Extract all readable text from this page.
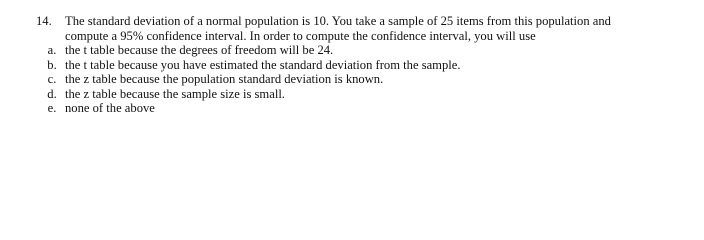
14.	The standard deviation of a normal population is 10. You take a sample of 25 items from this population and
compute a 95% confidence interval. In order to compute the confidence interval, you will use
a. the t table because the degrees of freedom will be 24.
b. the t table because you have estimated the standard deviation from the sample.
c. the z table because the population standard deviation is known.
d. the z table because the sample size is small.
e. none of the above
